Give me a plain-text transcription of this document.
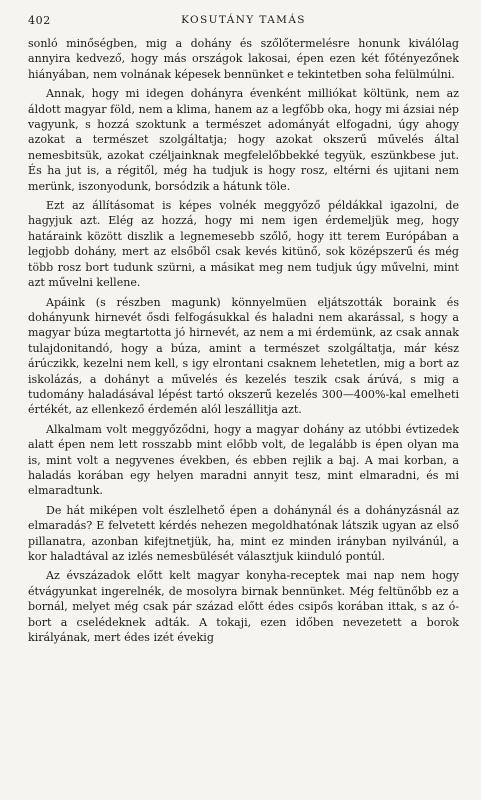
402	KOSUTÁNY TAMÁS

sonló minőségben, mig a dohány és szőlőtermelésre honunk kiválólag annyira kedvező, hogy más országok lakosai, épen ezen két főtényezőnek hiányában, nem volnának képesek bennünket e tekintetben soha felülmúlni.

Annak, hogy mi idegen dohányra évenként milliókat költünk, nem az áldott magyar föld, nem a klima, hanem az a legfőbb oka, hogy mi ázsiai nép vagyunk, s hozzá szoktunk a természet adományát elfogadni, úgy ahogy azokat a természet szolgáltatja; hogy azokat okszerű művelés által nemesbitsük, azokat czéljainknak megfelelőbbekké tegyük, eszünkbese jut. És ha jut is, a régitől, még ha tudjuk is hogy rosz, eltérni és ujitani nem merünk, iszonyodunk, borsódzik a hátunk töle.

Ezt az állításomat is képes volnék meggyőző példákkal igazolni, de hagyjuk azt. Elég az hozzá, hogy mi nem igen érdemeljük meg, hogy határaink között diszlik a legnemesebb szőlő, hogy itt terem Európában a legjobb dohány, mert az elsőből csak kevés kitünő, sok középszerű és még több rosz bort tudunk szürni, a másikat meg nem tudjuk úgy művelni, mint azt művelni kellene.

Apáink (s részben magunk) könnyelmüen eljátszották boraink és dohányunk hirnevét ősdi felfogásukkal és haladni nem akarással, s hogy a magyar búza megtartotta jó hirnevét, az nem a mi érdemünk, az csak annak tulajdonitandó, hogy a búza, amint a természet szolgáltatja, már kész árúczikk, kezelni nem kell, s igy elrontani csaknem lehetetlen, mig a bort az iskolázás, a dohányt a művelés és kezelés teszik csak árúvá, s mig a tudomány haladásával lépést tartó okszerű kezelés 300—400%-kal emelheti értékét, az ellenkező érdemén alól leszállitja azt.

Alkalmam volt meggyőződni, hogy a magyar dohány az utóbbi évtizedek alatt épen nem lett rosszabb mint előbb volt, de legalább is épen olyan ma is, mint volt a negyvenes években, és ebben rejlik a baj. A mai korban, a haladás korában egy helyen maradni annyit tesz, mint elmaradni, és mi elmaradtunk.

De hát miképen volt észlelhető épen a dohánynál és a dohányzásnál az elmaradás? E felvetett kérdés nehezen megoldhatónak látszik ugyan az első pillanatra, azonban kifejtnetjük, ha, mint ez minden irányban nyilvánúl, a kor haladtával az izlés nemesbülését választjuk kiinduló pontúl.

Az évszázadok előtt kelt magyar konyha-receptek mai nap nem hogy étvágyunkat ingerelnék, de mosolyra birnak bennünket. Még feltünőbb ez a bornál, melyet még csak pár század előtt édes csipős korában ittak, s az ó-bort a cselédeknek adták. A tokaji, ezen időben nevezetett a borok királyának, mert édes izét évekig
